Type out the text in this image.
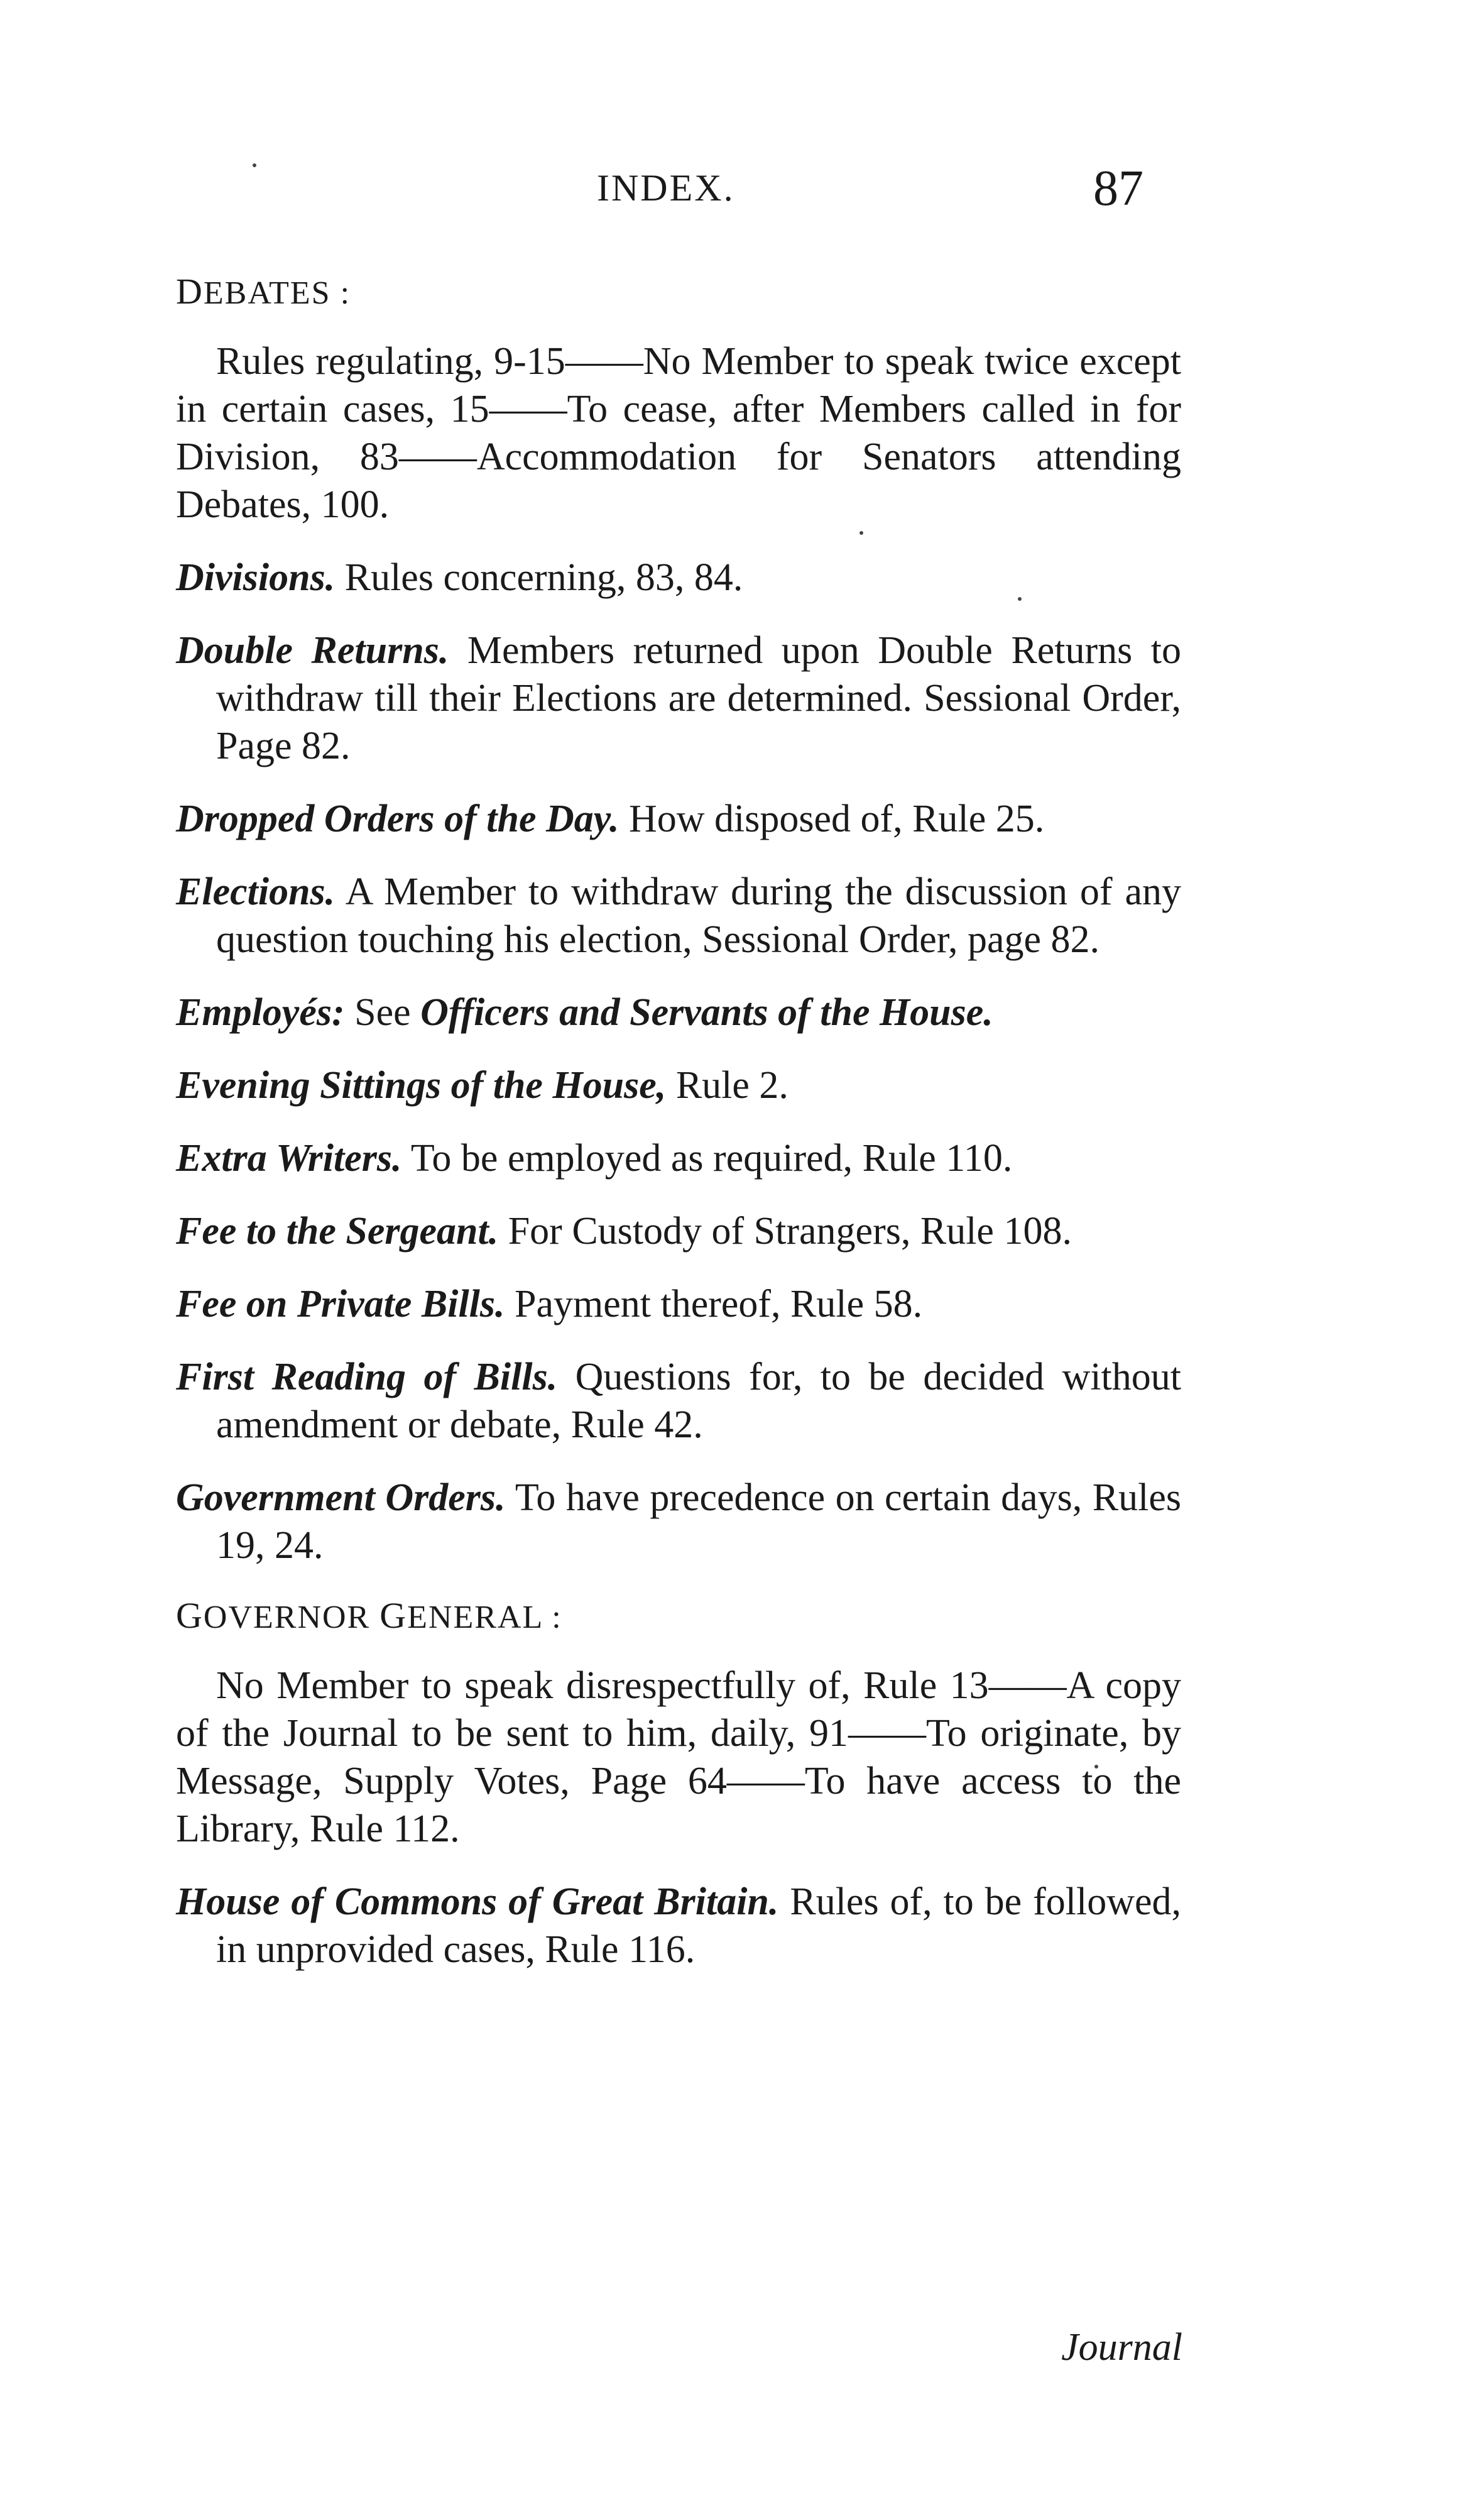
INDEX.	87
DEBATES :
Rules regulating, 9-15——No Member to speak twice except in certain cases, 15——To cease, after Members called in for Division, 83——Accommodation for Senators attending Debates, 100.
Divisions. Rules concerning, 83, 84.
Double Returns. Members returned upon Double Returns to withdraw till their Elections are determined. Sessional Order, Page 82.
Dropped Orders of the Day. How disposed of, Rule 25.
Elections. A Member to withdraw during the discussion of any question touching his election, Sessional Order, page 82.
Employés: See Officers and Servants of the House.
Evening Sittings of the House, Rule 2.
Extra Writers. To be employed as required, Rule 110.
Fee to the Sergeant. For Custody of Strangers, Rule 108.
Fee on Private Bills. Payment thereof, Rule 58.
First Reading of Bills. Questions for, to be decided without amendment or debate, Rule 42.
Government Orders. To have precedence on certain days, Rules 19, 24.
GOVERNOR GENERAL :
No Member to speak disrespectfully of, Rule 13——A copy of the Journal to be sent to him, daily, 91——To originate, by Message, Supply Votes, Page 64——To have access to the Library, Rule 112.
House of Commons of Great Britain. Rules of, to be followed, in unprovided cases, Rule 116.
Journal
